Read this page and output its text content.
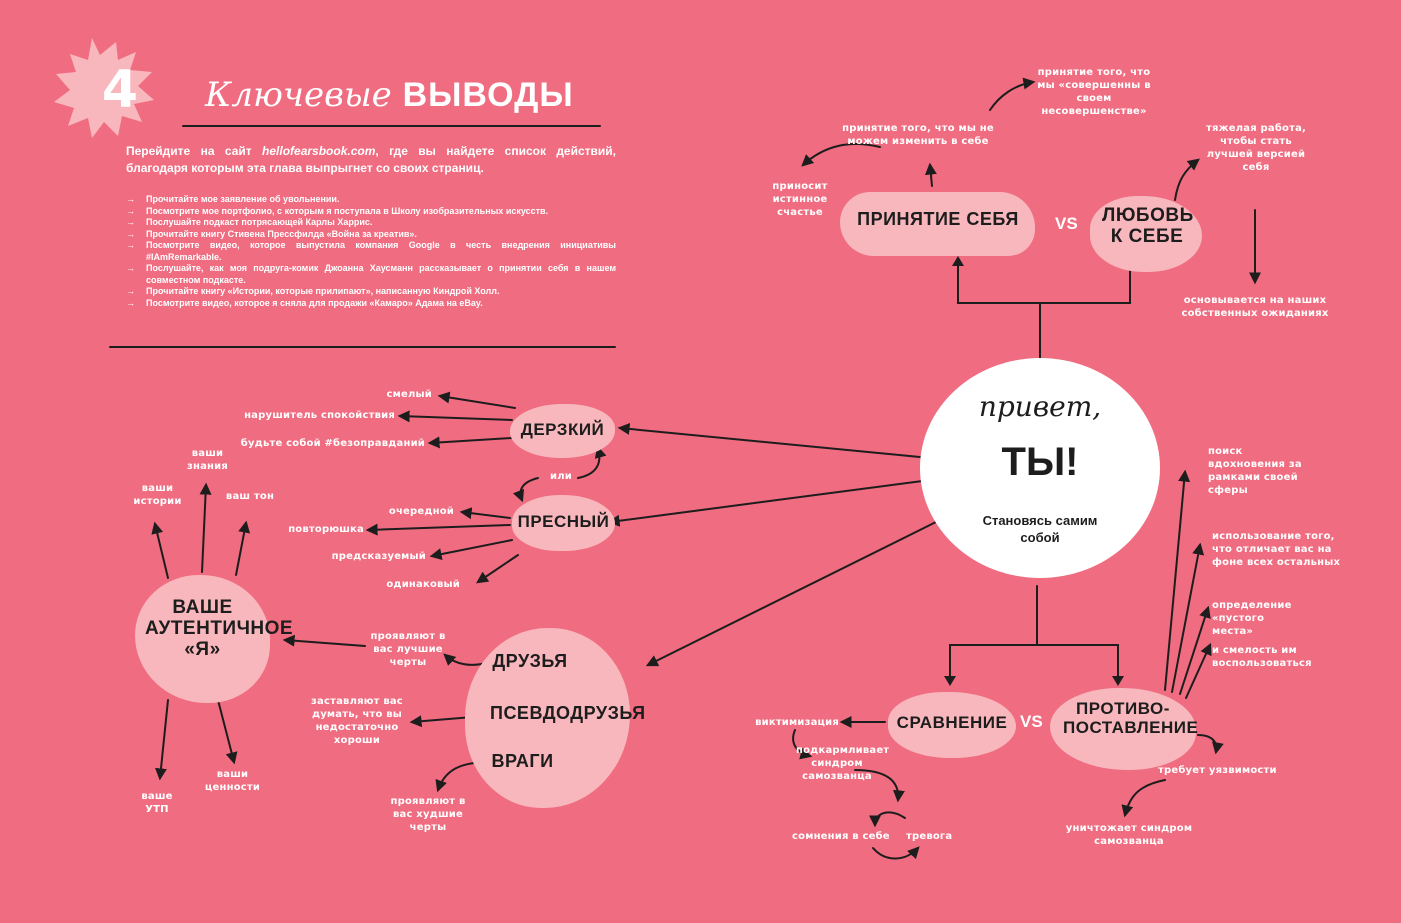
4 Ключевые ВЫВОДЫ
Перейдите на сайт hellofearsbook.com, где вы найдете список действий, благодаря которым эта глава выпрыгнет со своих страниц.
→ Прочитайте мое заявление об увольнении.
→ Посмотрите мое портфолио, с которым я поступала в Школу изобразительных искусств.
→ Послушайте подкаст потрясающей Карлы Харрис.
→ Прочитайте книгу Стивена Прессфилда «Война за креатив».
→ Посмотрите видео, которое выпустила компания Google в честь внедрения инициативы #IAmRemarkable.
→ Послушайте, как моя подруга-комик Джоанна Хаусманн рассказывает о принятии себя в нашем совместном подкасте.
→ Прочитайте книгу «Истории, которые прилипают», написанную Киндрой Холл.
→ Посмотрите видео, которое я сняла для продажи «Камаро» Адама на eBay.
привет,
ТЫ!
Становясь самим собой
ПРИНЯТИЕ СЕБЯ	VS ЛЮБОВЬ К СЕБЕ
приносит истинное счастье
принятие того, что мы не можем изменить в себе
принятие того, что мы «совершенны в своем несовершенстве»
тяжелая работа, чтобы стать лучшей версией себя
основывается на наших собственных ожиданиях
ДЕРЗКИЙ
или
ПРЕСНЫЙ
смелый
нарушитель спокойствия
будьте собой #безоправданий
очередной
повторюшка
предсказуемый
одинаковый
ВАШЕ АУТЕНТИЧНОЕ «Я»
ваши истории
ваши знания
ваш тон
ваше УТП
ваши ценности
ДРУЗЬЯ
ПСЕВДОДРУЗЬЯ
ВРАГИ
проявляют в вас лучшие черты
заставляют вас думать, что вы недостаточно хороши
проявляют в вас худшие черты
СРАВНЕНИЕ VS
ПРОТИВО-ПОСТАВЛЕНИЕ
виктимизация
подкармливает синдром самозванца
сомнения в себе тревога
требует уязвимости
уничтожает синдром самозванца
поиск вдохновения за рамками своей сферы
использование того, что отличает вас на фоне всех остальных
определение «пустого места»
и смелость им воспользоваться
